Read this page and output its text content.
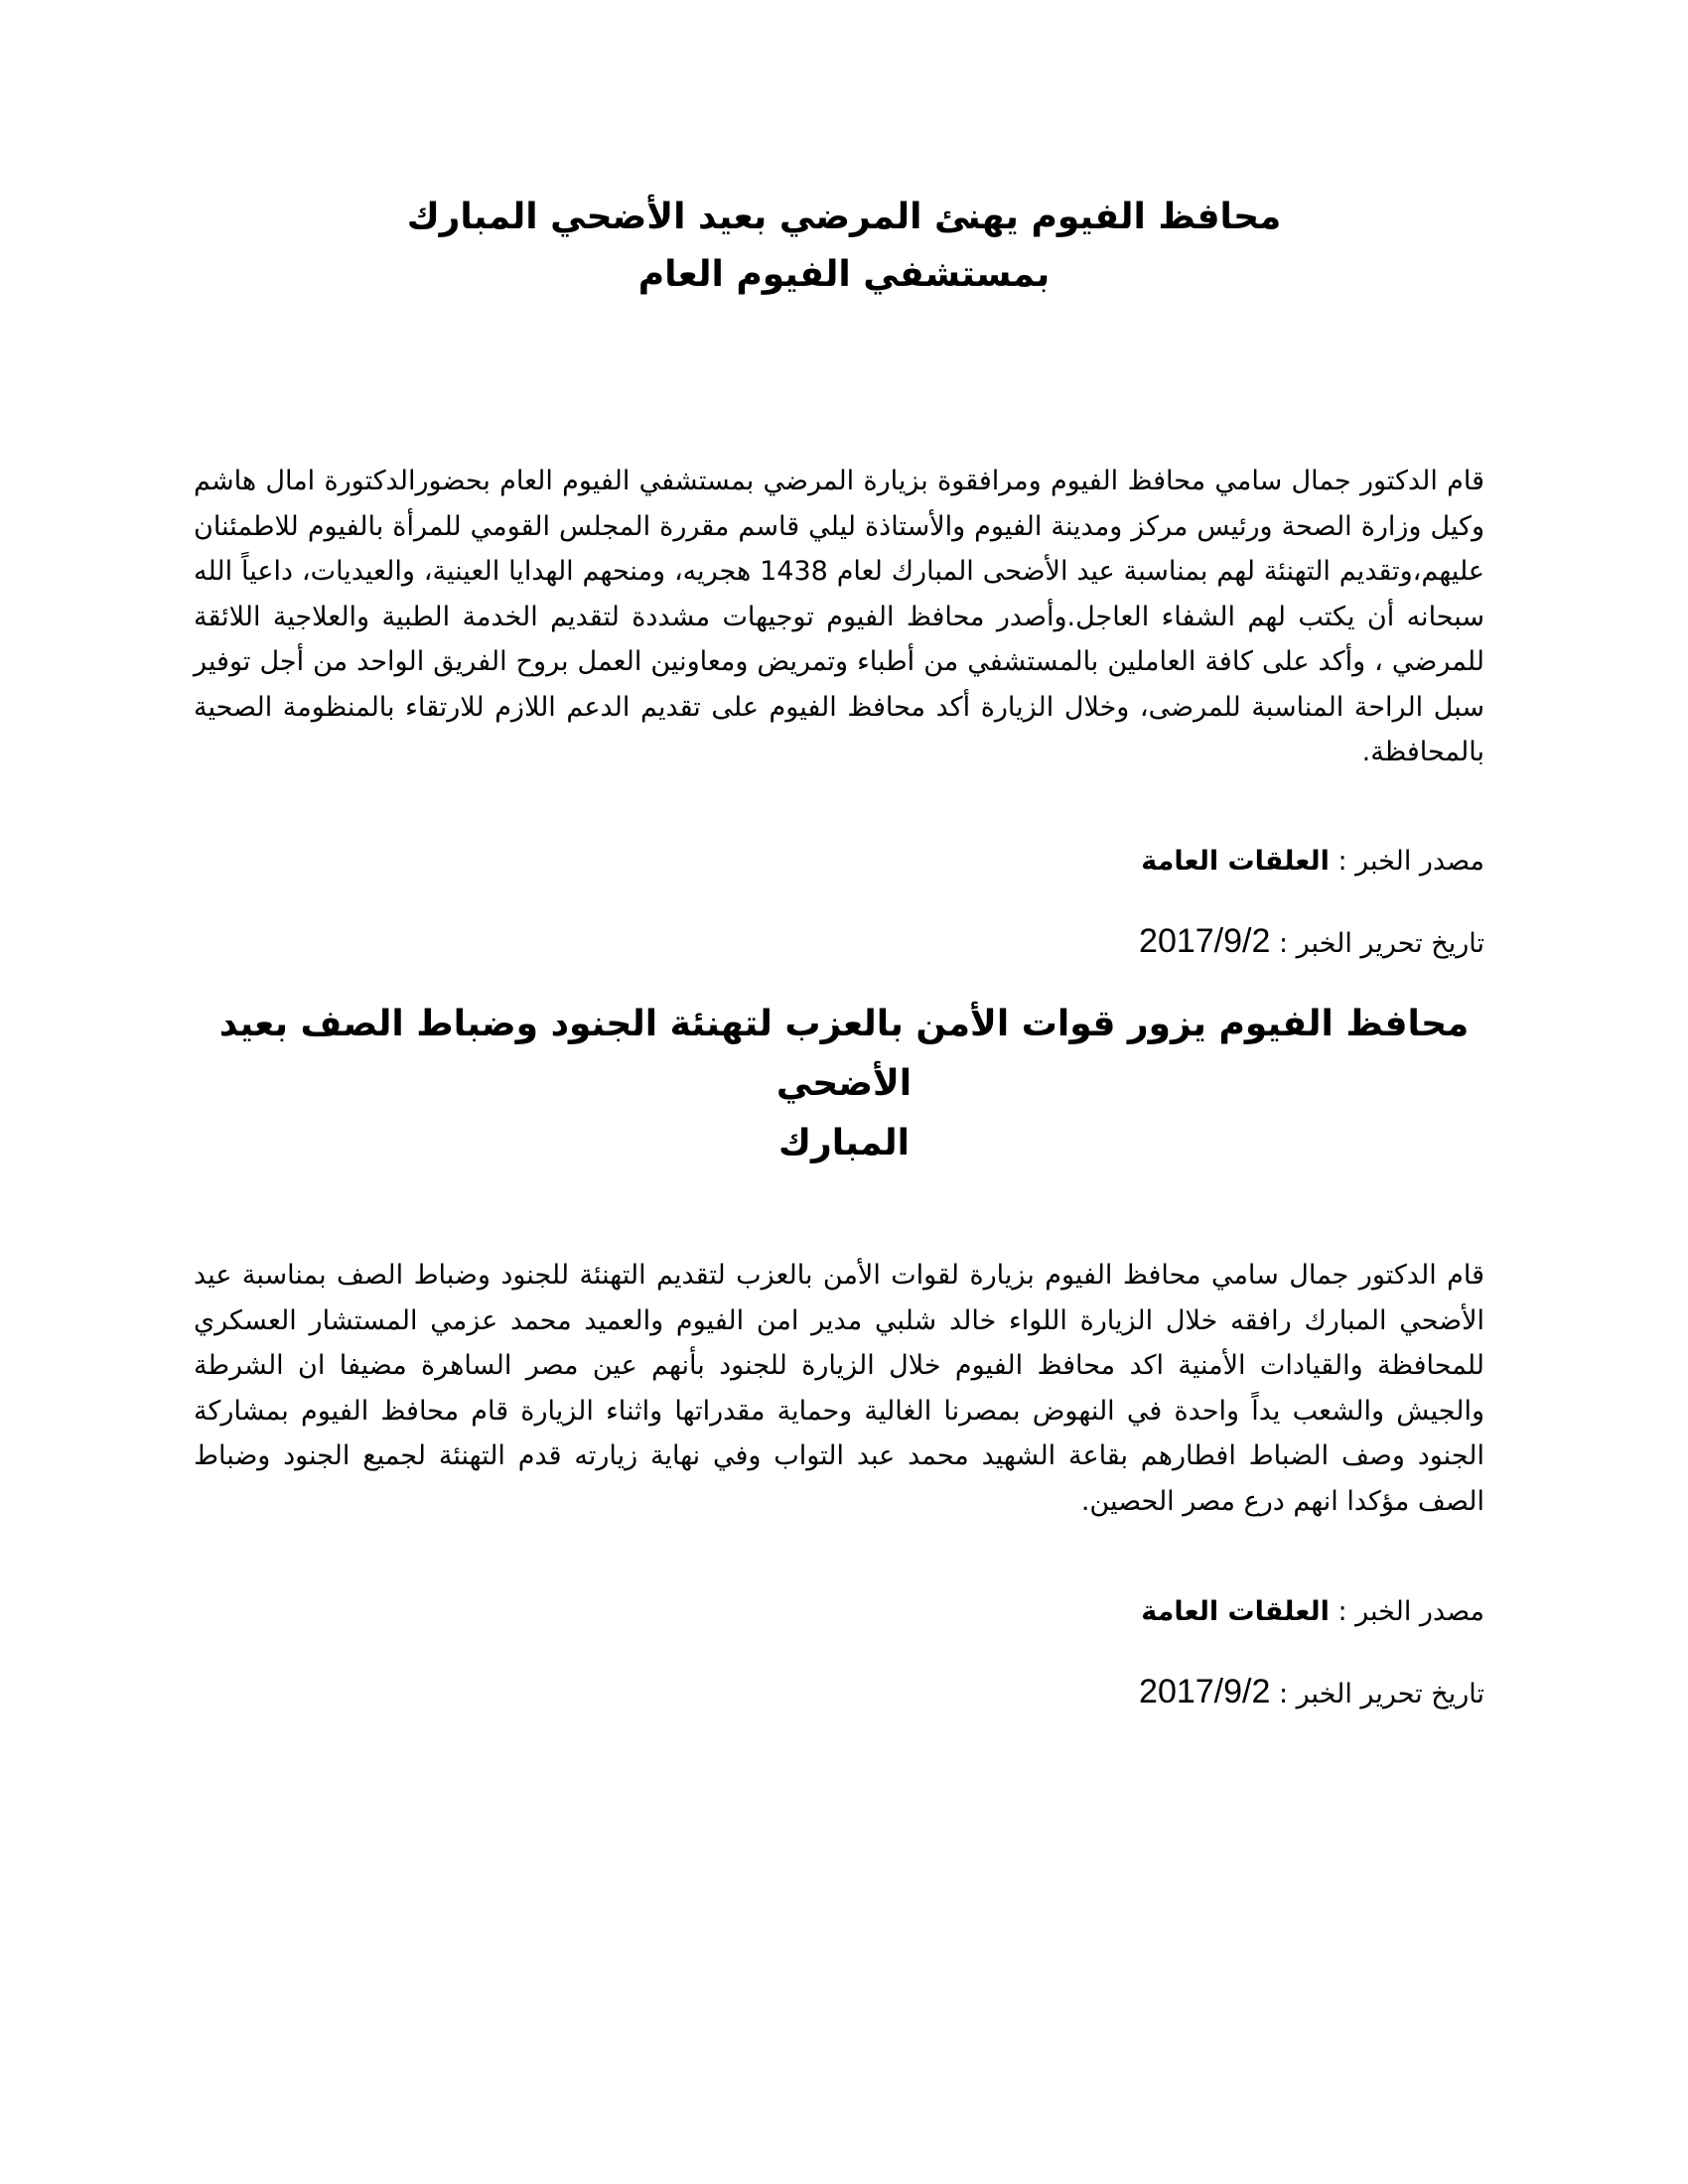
محافظ الفيوم يهنئ المرضي بعيد الأضحي المبارك
بمستشفي الفيوم العام

قام الدكتور جمال سامي محافظ الفيوم ومرافقوة بزيارة المرضي بمستشفي الفيوم العام بحضورالدكتورة امال هاشم وكيل وزارة الصحة ورئيس مركز ومدينة الفيوم والأستاذة ليلي قاسم مقررة المجلس القومي للمرأة بالفيوم للاطمئنان عليهم،وتقديم التهنئة لهم بمناسبة عيد الأضحى المبارك لعام 1438 هجريه، ومنحهم الهدايا العينية، والعيديات، داعياً الله سبحانه أن يكتب لهم الشفاء العاجل.وأصدر محافظ الفيوم توجيهات مشددة لتقديم الخدمة الطبية والعلاجية اللائقة للمرضي ، وأكد على كافة العاملين بالمستشفي من أطباء وتمريض ومعاونين العمل بروح الفريق الواحد من أجل توفير سبل الراحة المناسبة للمرضى، وخلال الزيارة أكد محافظ الفيوم على تقديم الدعم اللازم للارتقاء بالمنظومة الصحية بالمحافظة.

مصدر الخبر : العلقات العامة

تاريخ تحرير الخبر : 2017/9/2

محافظ الفيوم يزور قوات الأمن بالعزب لتهنئة الجنود وضباط الصف بعيد الأضحي
المبارك

قام الدكتور جمال سامي محافظ الفيوم بزيارة لقوات الأمن بالعزب لتقديم التهنئة للجنود وضباط الصف بمناسبة عيد الأضحي المبارك رافقه خلال الزيارة اللواء خالد شلبي مدير امن الفيوم والعميد محمد عزمي المستشار العسكري للمحافظة والقيادات الأمنية اكد محافظ الفيوم خلال الزيارة للجنود بأنهم عين مصر الساهرة مضيفا ان الشرطة والجيش والشعب يداً واحدة في النهوض بمصرنا الغالية وحماية مقدراتها واثناء الزيارة قام محافظ الفيوم بمشاركة الجنود وصف الضباط افطارهم بقاعة الشهيد محمد عبد التواب وفي نهاية زيارته قدم التهنئة لجميع الجنود وضباط الصف مؤكدا انهم درع مصر الحصين.

مصدر الخبر : العلقات العامة

تاريخ تحرير الخبر : 2017/9/2
